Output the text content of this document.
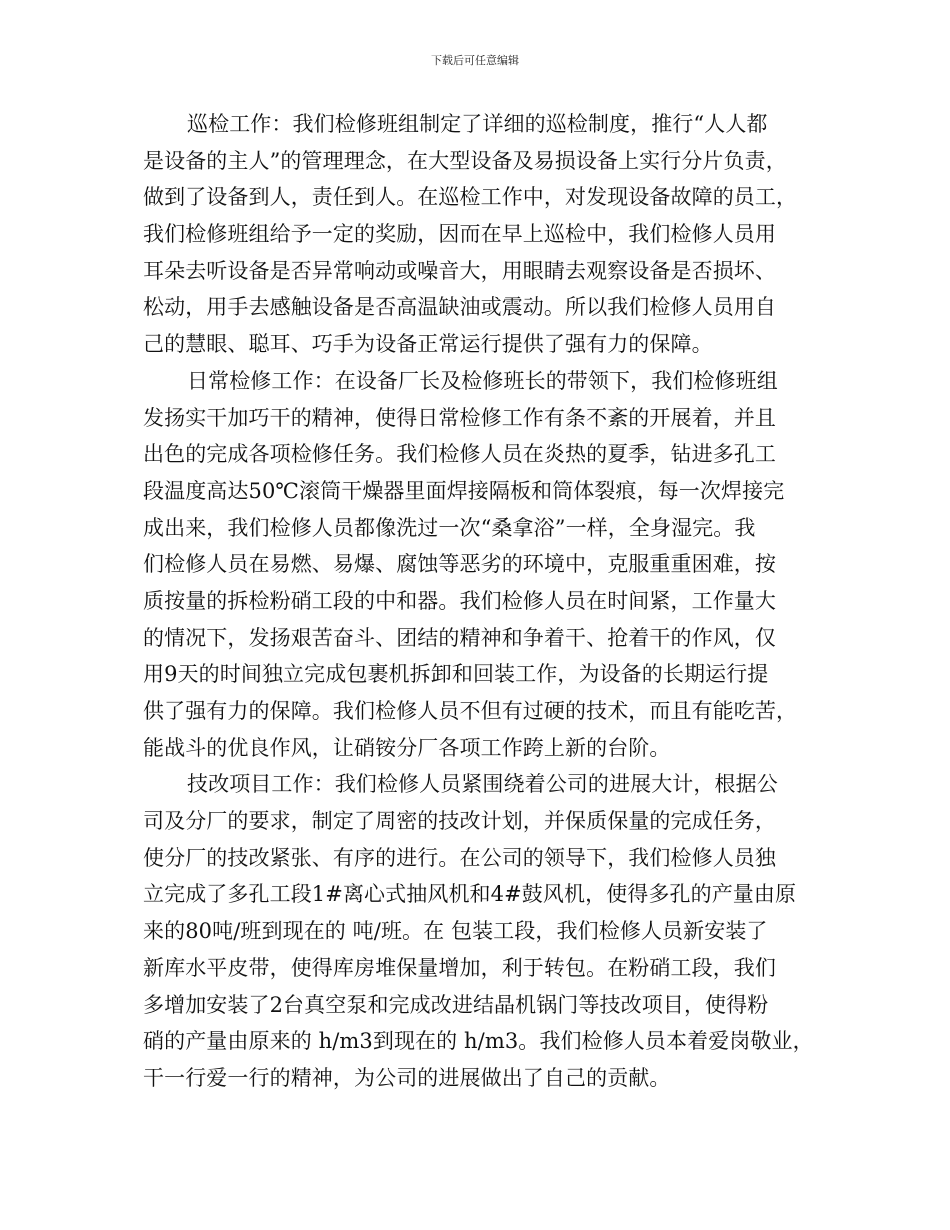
下载后可任意编辑
巡检工作：我们检修班组制定了详细的巡检制度，推行“人人都
是设备的主人”的管理理念，在大型设备及易损设备上实行分片负责，
做到了设备到人，责任到人。在巡检工作中，对发现设备故障的员工，
我们检修班组给予一定的奖励，因而在早上巡检中，我们检修人员用
耳朵去听设备是否异常响动或噪音大，用眼睛去观察设备是否损坏、
松动，用手去感触设备是否高温缺油或震动。所以我们检修人员用自
己的慧眼、聪耳、巧手为设备正常运行提供了强有力的保障。
日常检修工作：在设备厂长及检修班长的带领下，我们检修班组
发扬实干加巧干的精神，使得日常检修工作有条不紊的开展着，并且
出色的完成各项检修任务。我们检修人员在炎热的夏季，钻进多孔工
段温度高达50℃滚筒干燥器里面焊接隔板和筒体裂痕，每一次焊接完
成出来，我们检修人员都像洗过一次“桑拿浴”一样，全身湿完。我
们检修人员在易燃、易爆、腐蚀等恶劣的环境中，克服重重困难，按
质按量的拆检粉硝工段的中和器。我们检修人员在时间紧，工作量大
的情况下，发扬艰苦奋斗、团结的精神和争着干、抢着干的作风，仅
用9天的时间独立完成包裹机拆卸和回装工作，为设备的长期运行提
供了强有力的保障。我们检修人员不但有过硬的技术，而且有能吃苦，
能战斗的优良作风，让硝铵分厂各项工作跨上新的台阶。
技改项目工作：我们检修人员紧围绕着公司的进展大计，根据公
司及分厂的要求，制定了周密的技改计划，并保质保量的完成任务，
使分厂的技改紧张、有序的进行。在公司的领导下，我们检修人员独
立完成了多孔工段1#离心式抽风机和4#鼓风机，使得多孔的产量由原
来的80吨/班到现在的 吨/班。在 包装工段，我们检修人员新安装了
新库水平皮带，使得库房堆保量增加，利于转包。在粉硝工段，我们
多增加安装了2台真空泵和完成改进结晶机锅门等技改项目，使得粉
硝的产量由原来的 h/m3到现在的 h/m3。我们检修人员本着爱岗敬业，
干一行爱一行的精神，为公司的进展做出了自己的贡献。
